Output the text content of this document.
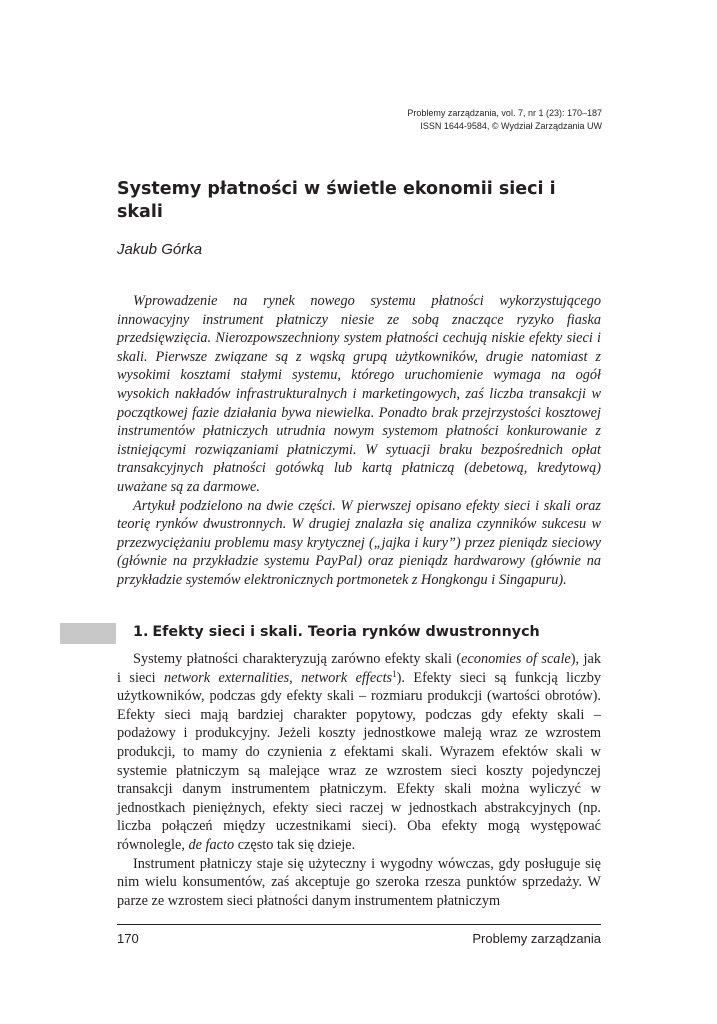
Problemy zarządzania, vol. 7, nr 1 (23): 170–187
ISSN 1644-9584, © Wydział Zarządzania UW
Systemy płatności w świetle ekonomii sieci i skali

Jakub Górka

Wprowadzenie na rynek nowego systemu płatności wykorzystującego innowacyjny instrument płatniczy niesie ze sobą znaczące ryzyko fiaska przedsięwzięcia. Nierozpowszechniony system płatności cechują niskie efekty sieci i skali. Pierwsze związane są z wąską grupą użytkowników, drugie natomiast z wysokimi kosztami stałymi systemu, którego uruchomienie wymaga na ogół wysokich nakładów infrastrukturalnych i marketingowych, zaś liczba transakcji w początkowej fazie działania bywa niewielka. Ponadto brak przejrzystości kosztowej instrumentów płatniczych utrudnia nowym systemom płatności konkurowanie z istniejącymi rozwiązaniami płatniczymi. W sytuacji braku bezpośrednich opłat transakcyjnych płatności gotówką lub kartą płatniczą (debetową, kredytową) uważane są za darmowe.

Artykuł podzielono na dwie części. W pierwszej opisano efekty sieci i skali oraz teorię rynków dwustronnych. W drugiej znalazła się analiza czynników sukcesu w przezwyciężaniu problemu masy krytycznej („jajka i kury”) przez pieniądz sieciowy (głównie na przykładzie systemu PayPal) oraz pieniądz hardwarowy (głównie na przykładzie systemów elektronicznych portmonetek z Hongkongu i Singapuru).

1. Efekty sieci i skali. Teoria rynków dwustronnych

Systemy płatności charakteryzują zarówno efekty skali (economies of scale), jak i sieci network externalities, network effects$^1$). Efekty sieci są funkcją liczby użytkowników, podczas gdy efekty skali – rozmiaru produkcji (wartości obrotów). Efekty sieci mają bardziej charakter popytowy, podczas gdy efekty skali – podażowy i produkcyjny. Jeżeli koszty jednostkowe maleją wraz ze wzrostem produkcji, to mamy do czynienia z efektami skali. Wyrazem efektów skali w systemie płatniczym są malejące wraz ze wzrostem sieci koszty pojedynczej transakcji danym instrumentem płatniczym. Efekty skali można wyliczyć w jednostkach pieniężnych, efekty sieci raczej w jednostkach abstrakcyjnych (np. liczba połączeń między uczestnikami sieci). Oba efekty mogą występować równolegle, de facto często tak się dzieje.

Instrument płatniczy staje się użyteczny i wygodny wówczas, gdy posługuje się nim wielu konsumentów, zaś akceptuje go szeroka rzesza punktów sprzedaży. W parze ze wzrostem sieci płatności danym instrumentem płatniczym

170	Problemy zarządzania
